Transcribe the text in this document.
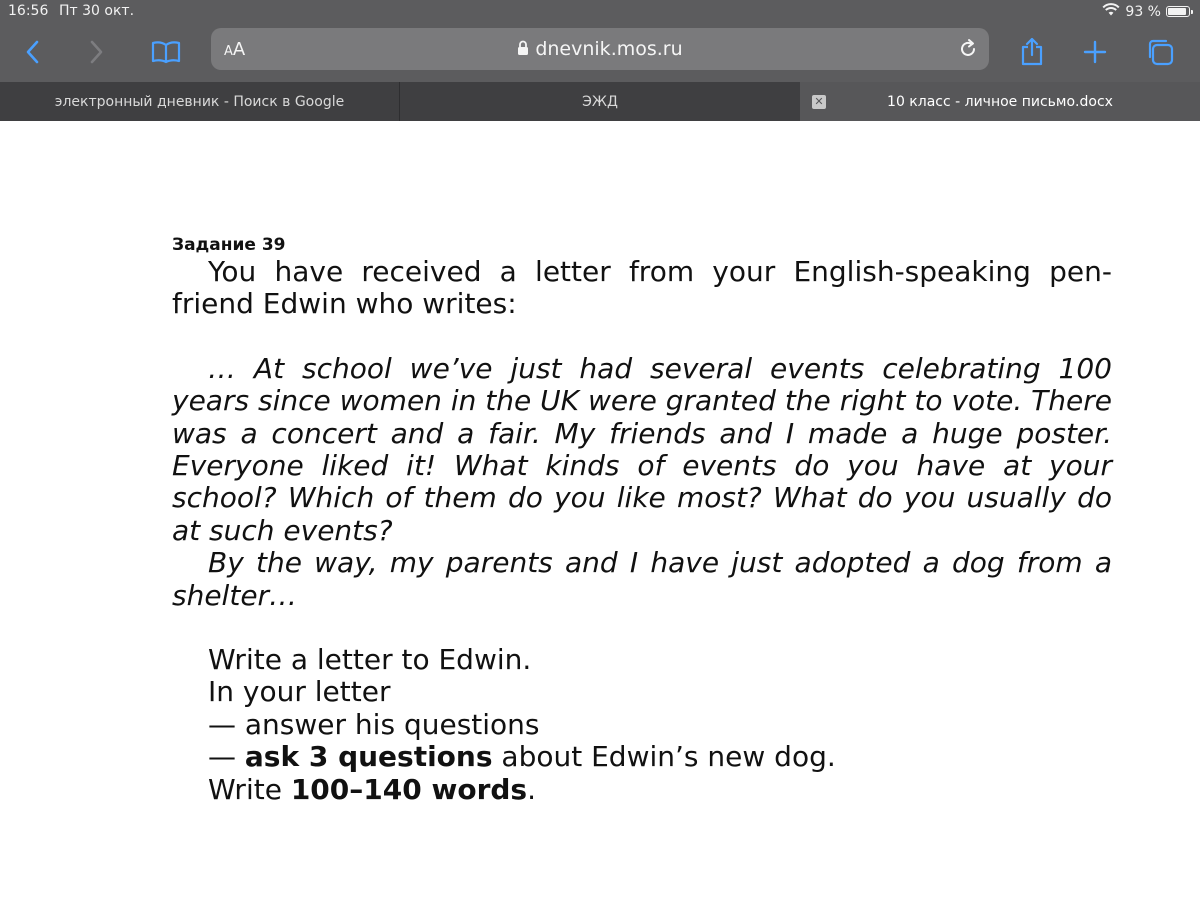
16:56 Пт 30 окт.	93 %
AA	dnevnik.mos.ru
электронный дневник - Поиск в Google	ЭЖД	✕	10 класс - личное письмо.docx

Задание 39

You have received a letter from your English-speaking pen-friend Edwin who writes:

… At school we’ve just had several events celebrating 100 years since women in the UK were granted the right to vote. There was a concert and a fair. My friends and I made a huge poster. Everyone liked it! What kinds of events do you have at your school? Which of them do you like most? What do you usually do at such events?

By the way, my parents and I have just adopted a dog from a shelter…

Write a letter to Edwin.
In your letter
— answer his questions
— ask 3 questions about Edwin’s new dog.
Write 100–140 words.
